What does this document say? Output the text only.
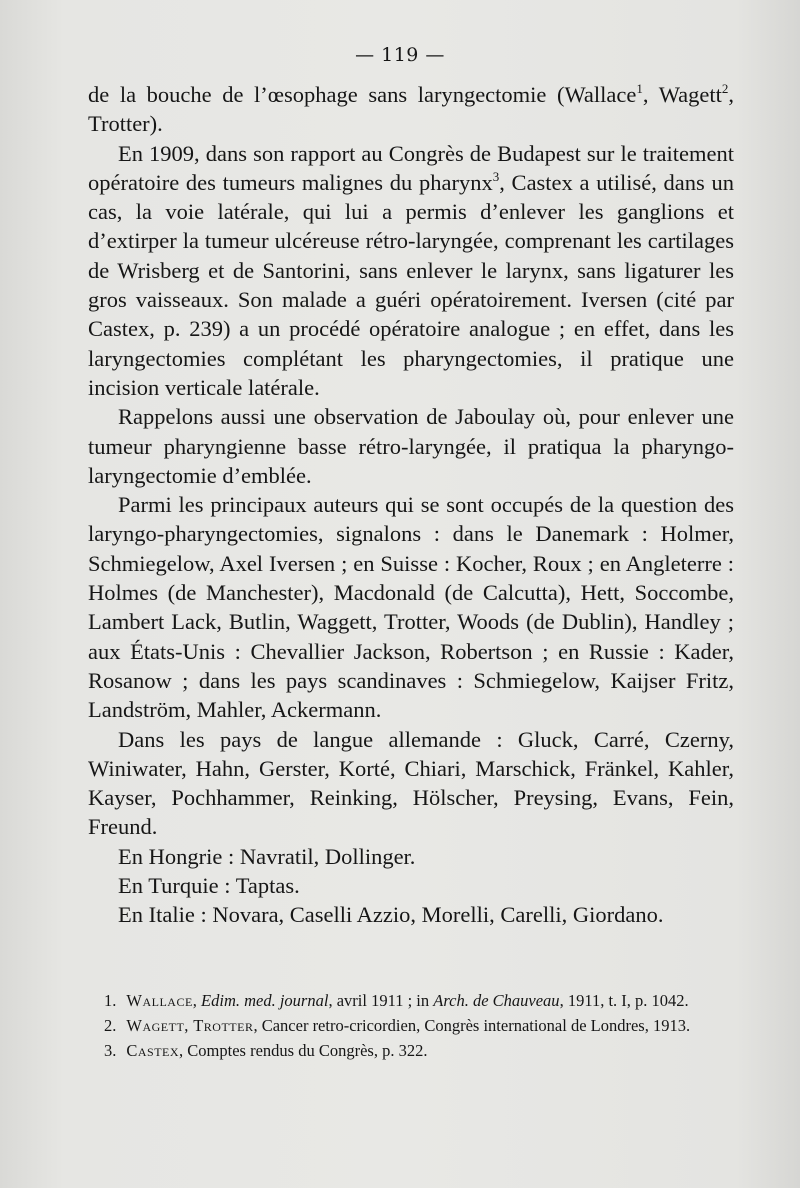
— 119 —

de la bouche de l’œsophage sans laryngectomie (Wallace$^1$, Wagett$^2$, Trotter).

En 1909, dans son rapport au Congrès de Budapest sur le traitement opératoire des tumeurs malignes du pharynx$^3$, Castex a utilisé, dans un cas, la voie latérale, qui lui a permis d’enlever les ganglions et d’extirper la tumeur ulcéreuse rétro-laryngée, comprenant les cartilages de Wrisberg et de Santorini, sans enlever le larynx, sans ligaturer les gros vaisseaux. Son malade a guéri opératoirement. Iversen (cité par Castex, p. 239) a un procédé opératoire analogue ; en effet, dans les laryngectomies complétant les pharyngectomies, il pratique une incision verticale latérale.

Rappelons aussi une observation de Jaboulay où, pour enlever une tumeur pharyngienne basse rétro-laryngée, il pratiqua la pharyngo-laryngectomie d’emblée.

Parmi les principaux auteurs qui se sont occupés de la question des laryngo-pharyngectomies, signalons : dans le Danemark : Holmer, Schmiegelow, Axel Iversen ; en Suisse : Kocher, Roux ; en Angleterre : Holmes (de Manchester), Macdonald (de Calcutta), Hett, Soccombe, Lambert Lack, Butlin, Waggett, Trotter, Woods (de Dublin), Handley ; aux États-Unis : Chevallier Jackson, Robertson ; en Russie : Kader, Rosanow ; dans les pays scandinaves : Schmiegelow, Kaijser Fritz, Landström, Mahler, Ackermann.

Dans les pays de langue allemande : Gluck, Carré, Czerny, Winiwater, Hahn, Gerster, Korté, Chiari, Marschick, Fränkel, Kahler, Kayser, Pochhammer, Reinking, Hölscher, Preysing, Evans, Fein, Freund.

En Hongrie : Navratil, Dollinger.

En Turquie : Taptas.

En Italie : Novara, Caselli Azzio, Morelli, Carelli, Giordano.

1. Wallace, Edim. med. journal, avril 1911 ; in Arch. de Chauveau, 1911, t. I, p. 1042.

2. Wagett, Trotter, Cancer retro-cricordien, Congrès international de Londres, 1913.

3. Castex, Comptes rendus du Congrès, p. 322.
